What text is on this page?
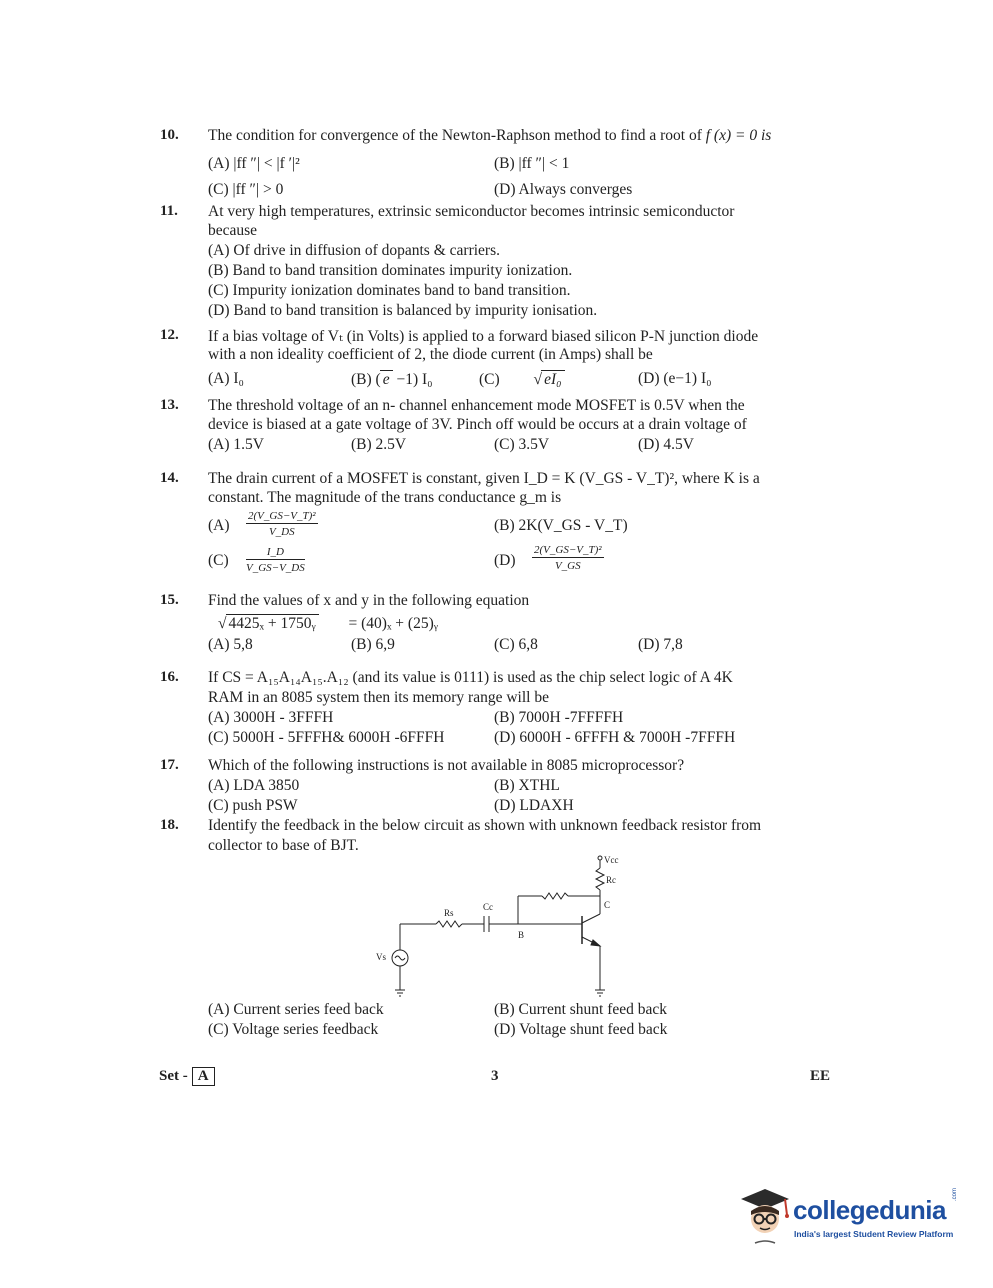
10. The condition for convergence of the Newton-Raphson method to find a root of f (x) = 0 is
(A) |ff ″| < |f ′|²	(B) |ff ″| < 1
(C) |ff ″| > 0	(D) Always converges
11. At very high temperatures, extrinsic semiconductor becomes intrinsic semiconductor
because
(A) Of drive in diffusion of dopants & carriers.
(B) Band to band transition dominates impurity ionization.
(C) Impurity ionization dominates band to band transition.
(D) Band to band transition is balanced by impurity ionisation.
12. If a bias voltage of Vₜ (in Volts) is applied to a forward biased silicon P-N junction diode
with a non ideality coefficient of 2, the diode current (in Amps) shall be
(A) I₀	(B) ( e −1) I₀	(C) √ eI₀	(D) (e−1) I₀
13. The threshold voltage of an n- channel enhancement mode MOSFET is 0.5V when the
device is biased at a gate voltage of 3V. Pinch off would be occurs at a drain voltage of
(A) 1.5V	(B) 2.5V	(C) 3.5V	(D) 4.5V
14. The drain current of a MOSFET is constant, given I_D = K (V_GS - V_T)², where K is a
constant. The magnitude of the trans conductance g_m is
$(A) \frac{\text{2(V\_GS−V\_T)²}}{V\_DS}$	(B) 2K(V_GS - V_T)
$(C) \frac{I\_D}{V\_GS-V\_DS}$	$(D) \frac{\text{2(V\_GS−V\_T)²}}{V\_GS}$
15. Find the values of x and y in the following equation
√ 4425ₓ + 1750ᵧ = (40)ₓ + (25)ᵧ
(A) 5,8	(B) 6,9	(C) 6,8	(D) 7,8
16. If CS = A₁₅A₁₄A₁₅.A₁₂ (and its value is 0111) is used as the chip select logic of A 4K
RAM in an 8085 system then its memory range will be
(A) 3000H - 3FFFH	(B) 7000H -7FFFFH
(C) 5000H - 5FFFH& 6000H -6FFFH	(D) 6000H - 6FFFH & 7000H -7FFFH
17. Which of the following instructions is not available in 8085 microprocessor?
(A) LDA 3850	(B) XTHL
(C) push PSW	(D) LDAXH
18. Identify the feedback in the below circuit as shown with unknown feedback resistor from
collector to base of BJT.
Vcc
Rc
C
B
Rs
Cc
Vs
(A) Current series feed back	(B) Current shunt feed back
(C) Voltage series feedback	(D) Voltage shunt feed back
Set - A	3	EE
collegedunia
.com
India's largest Student Review Platform
